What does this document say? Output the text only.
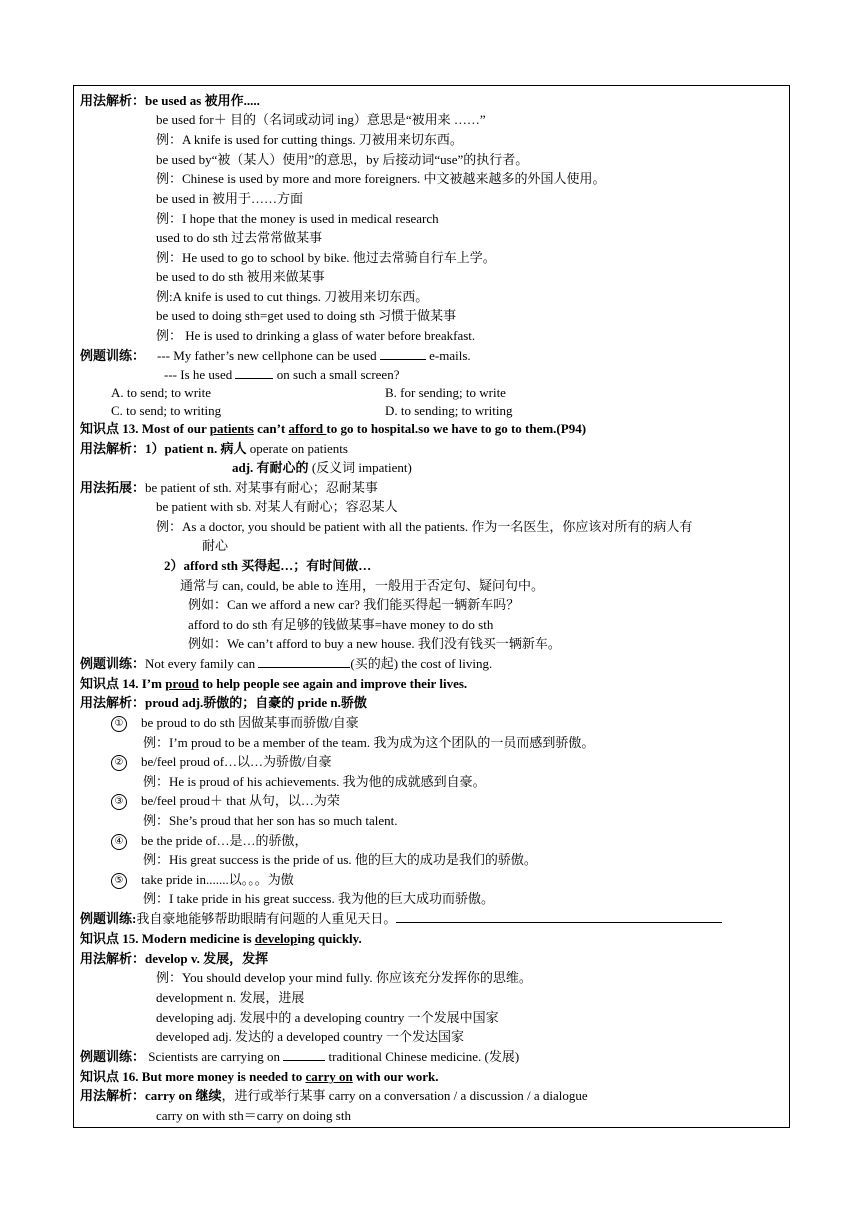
用法解析：be used as 被用作.....
be used for＋ 目的（名词或动词 ing）意思是“被用来 ……”
例：A knife is used for cutting things. 刀被用来切东西。
be used by“被（某人）使用”的意思，by 后接动词“use”的执行者。
例：Chinese is used by more and more foreigners. 中文被越来越多的外国人使用。
be used in 被用于……方面
例：I hope that the money is used in medical research
used to do sth 过去常常做某事
例：He used to go to school by bike. 他过去常骑自行车上学。
be used to do sth 被用来做某事
例:A knife is used to cut things. 刀被用来切东西。
be used to doing sth=get used to doing sth 习惯于做某事
例： He is used to drinking a glass of water before breakfast.
例题训练： --- My father’s new cellphone can be used	e-mails.
--- Is he used	on such a small screen?
A. to send; to write	B. for sending; to write
C. to send; to writing	D. to sending; to writing
知识点 13. Most of our patients can’t afford to go to hospital.so we have to go to them.(P94)
用法解析：1）patient n. 病人 operate on patients
adj. 有耐心的 (反义词 impatient)
用法拓展：be patient of sth. 对某事有耐心；忍耐某事
be patient with sb. 对某人有耐心；容忍某人
例：As a doctor, you should be patient with all the patients. 作为一名医生，你应该对所有的病人有
耐心
2）afford sth 买得起…；有时间做…
通常与 can, could, be able to 连用，一般用于否定句、疑问句中。
例如：Can we afford a new car? 我们能买得起一辆新车吗？
afford to do sth 有足够的钱做某事=have money to do sth
例如：We can’t afford to buy a new house. 我们没有钱买一辆新车。
例题训练：Not every family can	(买的起) the cost of living.
知识点 14. I’m proud to help people see again and improve their lives.
用法解析：proud adj.骄傲的；自豪的 pride n.骄傲
① be proud to do sth 因做某事而骄傲/自豪
例：I’m proud to be a member of the team. 我为成为这个团队的一员而感到骄傲。
② be/feel proud of…以…为骄傲/自豪
例：He is proud of his achievements. 我为他的成就感到自豪。
③ be/feel proud＋ that 从句，以…为荣
例：She’s proud that her son has so much talent.
④ be the pride of…是…的骄傲，
例：His great success is the pride of us. 他的巨大的成功是我们的骄傲。
⑤ take pride in.......以。。。为傲
例：I take pride in his great success. 我为他的巨大成功而骄傲。
例题训练:我自豪地能够帮助眼睛有问题的人重见天日。
知识点 15. Modern medicine is developing quickly.
用法解析：develop v. 发展，发挥
例：You should develop your mind fully. 你应该充分发挥你的思维。
development n. 发展，进展
developing adj. 发展中的 a developing country 一个发展中国家
developed adj. 发达的 a developed country 一个发达国家
例题训练： Scientists are carrying on	traditional Chinese medicine. (发展)
知识点 16. But more money is needed to carry on with our work.
用法解析：carry on 继续，进行或举行某事 carry on a conversation / a discussion / a dialogue
carry on with sth＝carry on doing sth
